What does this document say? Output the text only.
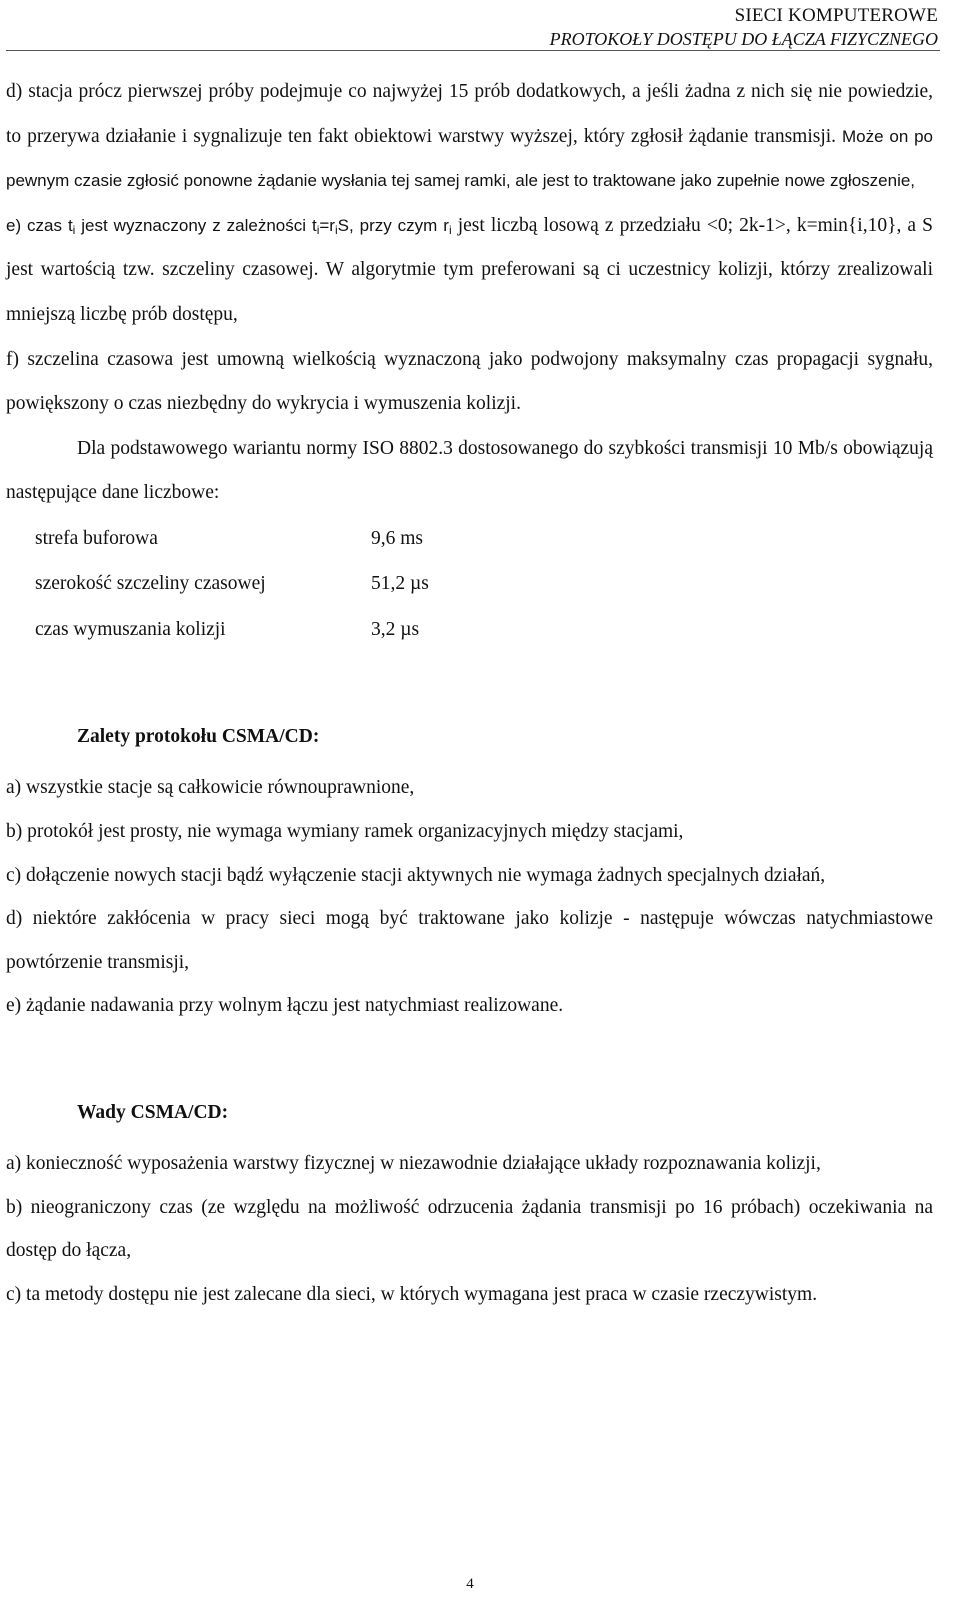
SIECI KOMPUTEROWE
PROTOKOŁY DOSTĘPU DO ŁĄCZA FIZYCZNEGO

d) stacja prócz pierwszej próby podejmuje co najwyżej 15 prób dodatkowych, a jeśli żadna z nich się nie powiedzie, to przerywa działanie i sygnalizuje ten fakt obiektowi warstwy wyższej, który zgłosił żądanie transmisji. Może on po pewnym czasie zgłosić ponowne żądanie wysłania tej samej ramki, ale jest to traktowane jako zupełnie nowe zgłoszenie,

e) czas $t_i$ jest wyznaczony z zależności $t_i=r_iS$, przy czym $r_i$ jest liczbą losową z przedziału <0; 2k-1>, k=min{i,10}, a S jest wartością tzw. szczeliny czasowej. W algorytmie tym preferowani są ci uczestnicy kolizji, którzy zrealizowali mniejszą liczbę prób dostępu,

f) szczelina czasowa jest umowną wielkością wyznaczoną jako podwojony maksymalny czas propagacji sygnału, powiększony o czas niezbędny do wykrycia i wymuszenia kolizji.

Dla podstawowego wariantu normy ISO 8802.3 dostosowanego do szybkości transmisji 10 Mb/s obowiązują następujące dane liczbowe:

strefa buforowa	9,6 ms
szerokość szczeliny czasowej	51,2 µs
czas wymuszania kolizji	3,2 µs
Zalety protokołu CSMA/CD:

a) wszystkie stacje są całkowicie równouprawnione,

b) protokół jest prosty, nie wymaga wymiany ramek organizacyjnych między stacjami,

c) dołączenie nowych stacji bądź wyłączenie stacji aktywnych nie wymaga żadnych specjalnych działań,

d) niektóre zakłócenia w pracy sieci mogą być traktowane jako kolizje - następuje wówczas natychmiastowe powtórzenie transmisji,

e) żądanie nadawania przy wolnym łączu jest natychmiast realizowane.

Wady CSMA/CD:

a) konieczność wyposażenia warstwy fizycznej w niezawodnie działające układy rozpoznawania kolizji,

b) nieograniczony czas (ze względu na możliwość odrzucenia żądania transmisji po 16 próbach) oczekiwania na dostęp do łącza,

c) ta metody dostępu nie jest zalecane dla sieci, w których wymagana jest praca w czasie rzeczywistym.

4
